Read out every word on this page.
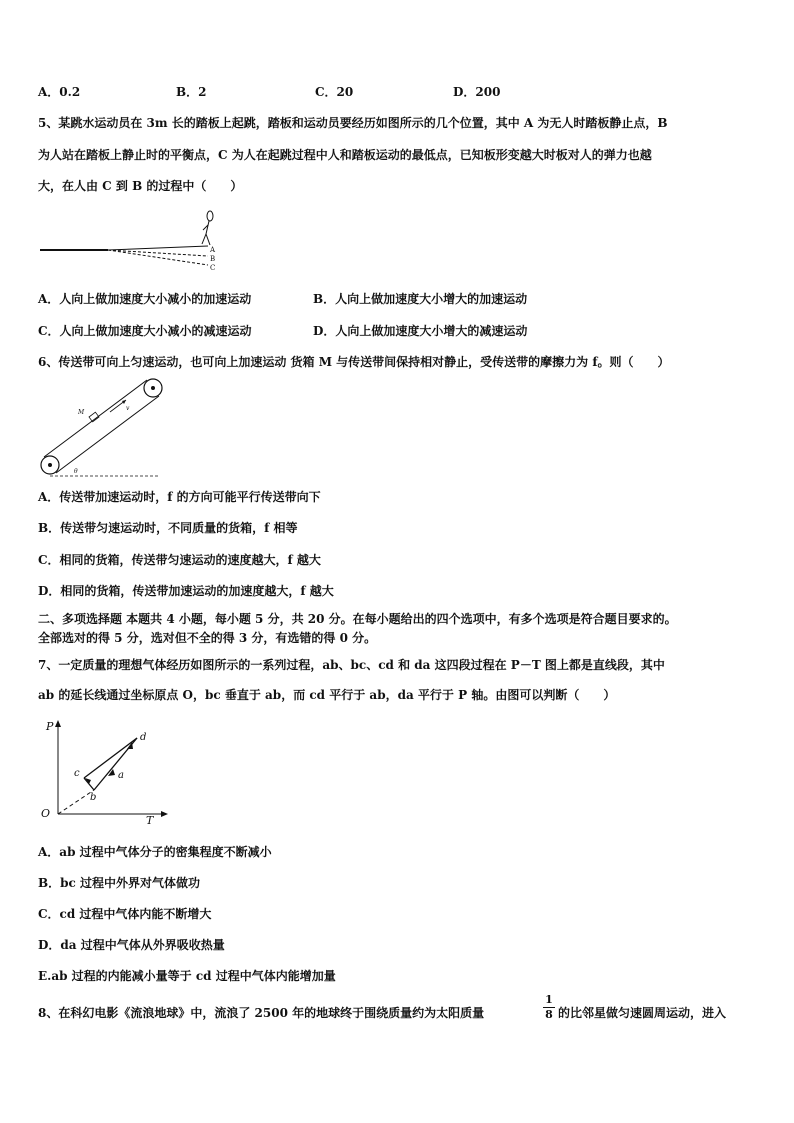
A．0.2	B．2	C．20	D．200
5、某跳水运动员在 3m 长的踏板上起跳，踏板和运动员要经历如图所示的几个位置，其中 A 为无人时踏板静止点，B
为人站在踏板上静止时的平衡点，C 为人在起跳过程中人和踏板运动的最低点，已知板形变越大时板对人的弹力也越
大，在人由 C 到 B 的过程中（　　）
A
B
C
A．人向上做加速度大小减小的加速运动	B．人向上做加速度大小增大的加速运动
C．人向上做加速度大小减小的减速运动	D．人向上做加速度大小增大的减速运动
6、传送带可向上匀速运动，也可向上加速运动 货箱 M 与传送带间保持相对静止，受传送带的摩擦力为 f。则（　　）
M
v
θ
A．传送带加速运动时，f 的方向可能平行传送带向下
B．传送带匀速运动时，不同质量的货箱，f 相等
C．相同的货箱，传送带匀速运动的速度越大，f 越大
D．相同的货箱，传送带加速运动的加速度越大，f 越大
二、多项选择题 本题共 4 小题，每小题 5 分，共 20 分。在每小题给出的四个选项中，有多个选项是符合题目要求的。
全部选对的得 5 分，选对但不全的得 3 分，有选错的得 0 分。
7、一定质量的理想气体经历如图所示的一系列过程，ab、bc、cd 和 da 这四段过程在 P－T 图上都是直线段，其中
ab 的延长线通过坐标原点 O，bc 垂直于 ab，而 cd 平行于 ab，da 平行于 P 轴。由图可以判断（　　）
P
T
O
d
c
b
a
A．ab 过程中气体分子的密集程度不断减小
B．bc 过程中外界对气体做功
C．cd 过程中气体内能不断增大
D．da 过程中气体从外界吸收热量
E.ab 过程的内能减小量等于 cd 过程中气体内能增加量
8、在科幻电影《流浪地球》中，流浪了 2500 年的地球终于围绕质量约为太阳质量
1
8 的比邻星做匀速圆周运动，进入
